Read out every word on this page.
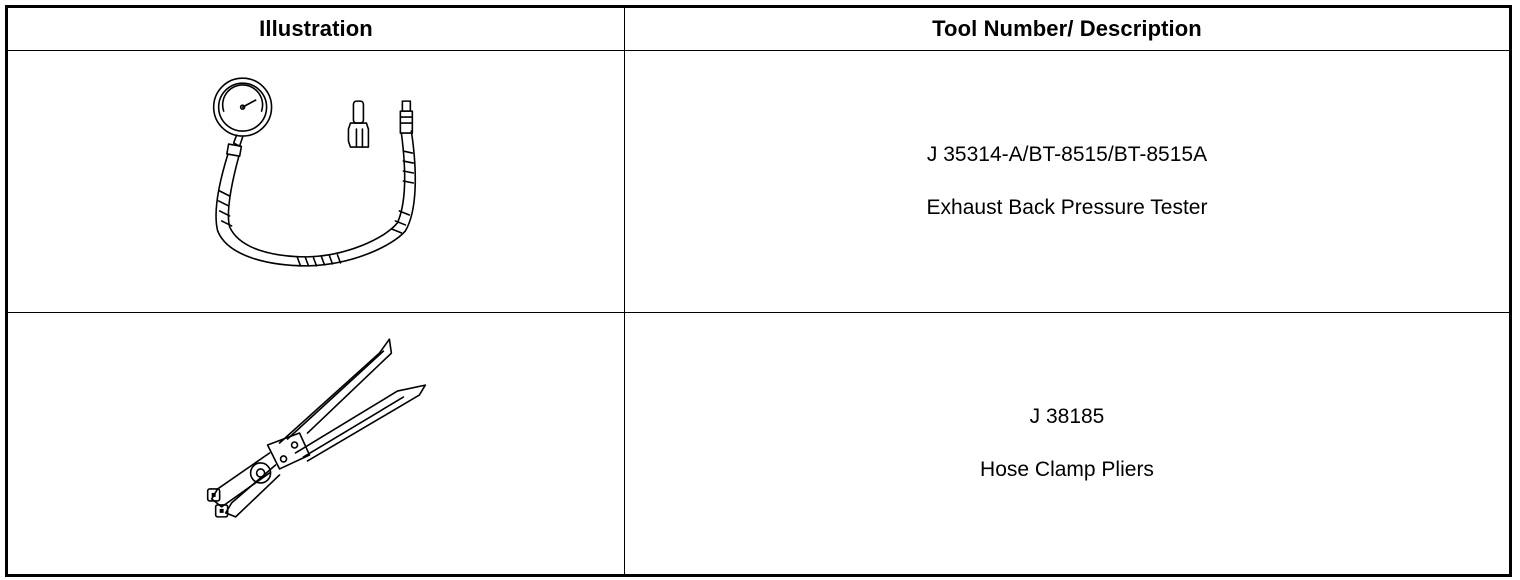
Illustration	Tool Number/ Description

J 35314-A/BT-8515/BT-8515A

Exhaust Back Pressure Tester

J 38185

Hose Clamp Pliers
